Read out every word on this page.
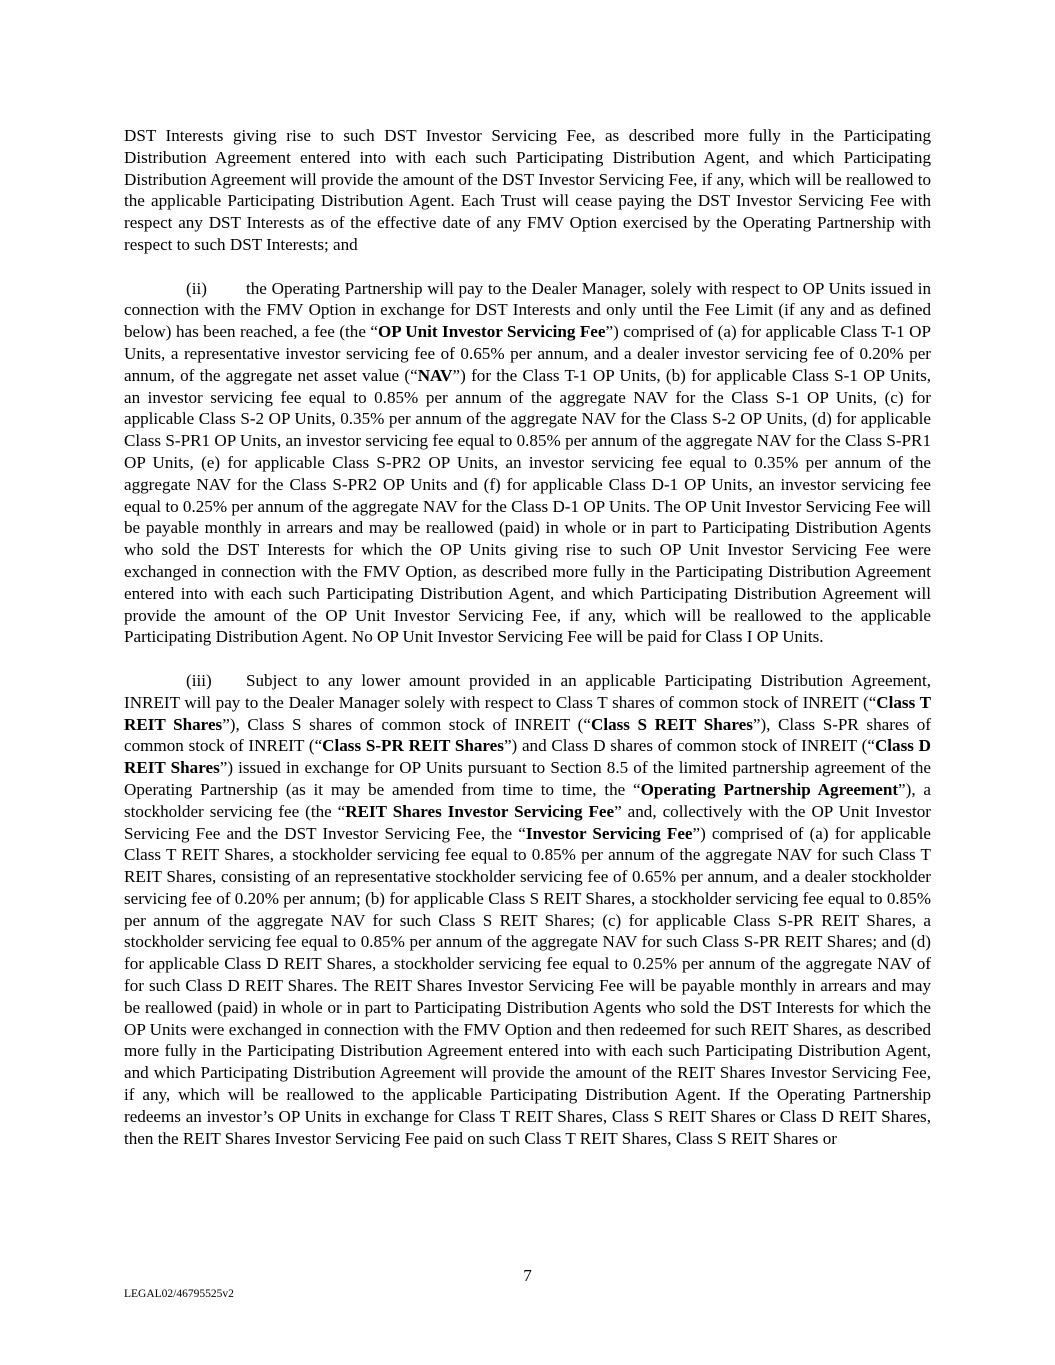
DST Interests giving rise to such DST Investor Servicing Fee, as described more fully in the Participating Distribution Agreement entered into with each such Participating Distribution Agent, and which Participating Distribution Agreement will provide the amount of the DST Investor Servicing Fee, if any, which will be reallowed to the applicable Participating Distribution Agent. Each Trust will cease paying the DST Investor Servicing Fee with respect any DST Interests as of the effective date of any FMV Option exercised by the Operating Partnership with respect to such DST Interests; and

(ii) the Operating Partnership will pay to the Dealer Manager, solely with respect to OP Units issued in connection with the FMV Option in exchange for DST Interests and only until the Fee Limit (if any and as defined below) has been reached, a fee (the “OP Unit Investor Servicing Fee”) comprised of (a) for applicable Class T-1 OP Units, a representative investor servicing fee of 0.65% per annum, and a dealer investor servicing fee of 0.20% per annum, of the aggregate net asset value (“NAV”) for the Class T-1 OP Units, (b) for applicable Class S-1 OP Units, an investor servicing fee equal to 0.85% per annum of the aggregate NAV for the Class S-1 OP Units, (c) for applicable Class S-2 OP Units, 0.35% per annum of the aggregate NAV for the Class S-2 OP Units, (d) for applicable Class S-PR1 OP Units, an investor servicing fee equal to 0.85% per annum of the aggregate NAV for the Class S-PR1 OP Units, (e) for applicable Class S-PR2 OP Units, an investor servicing fee equal to 0.35% per annum of the aggregate NAV for the Class S-PR2 OP Units and (f) for applicable Class D-1 OP Units, an investor servicing fee equal to 0.25% per annum of the aggregate NAV for the Class D-1 OP Units. The OP Unit Investor Servicing Fee will be payable monthly in arrears and may be reallowed (paid) in whole or in part to Participating Distribution Agents who sold the DST Interests for which the OP Units giving rise to such OP Unit Investor Servicing Fee were exchanged in connection with the FMV Option, as described more fully in the Participating Distribution Agreement entered into with each such Participating Distribution Agent, and which Participating Distribution Agreement will provide the amount of the OP Unit Investor Servicing Fee, if any, which will be reallowed to the applicable Participating Distribution Agent. No OP Unit Investor Servicing Fee will be paid for Class I OP Units.

(iii) Subject to any lower amount provided in an applicable Participating Distribution Agreement, INREIT will pay to the Dealer Manager solely with respect to Class T shares of common stock of INREIT (“Class T REIT Shares”), Class S shares of common stock of INREIT (“Class S REIT Shares”), Class S-PR shares of common stock of INREIT (“Class S-PR REIT Shares”) and Class D shares of common stock of INREIT (“Class D REIT Shares”) issued in exchange for OP Units pursuant to Section 8.5 of the limited partnership agreement of the Operating Partnership (as it may be amended from time to time, the “Operating Partnership Agreement”), a stockholder servicing fee (the “REIT Shares Investor Servicing Fee” and, collectively with the OP Unit Investor Servicing Fee and the DST Investor Servicing Fee, the “Investor Servicing Fee”) comprised of (a) for applicable Class T REIT Shares, a stockholder servicing fee equal to 0.85% per annum of the aggregate NAV for such Class T REIT Shares, consisting of an representative stockholder servicing fee of 0.65% per annum, and a dealer stockholder servicing fee of 0.20% per annum; (b) for applicable Class S REIT Shares, a stockholder servicing fee equal to 0.85% per annum of the aggregate NAV for such Class S REIT Shares; (c) for applicable Class S-PR REIT Shares, a stockholder servicing fee equal to 0.85% per annum of the aggregate NAV for such Class S-PR REIT Shares; and (d) for applicable Class D REIT Shares, a stockholder servicing fee equal to 0.25% per annum of the aggregate NAV of for such Class D REIT Shares. The REIT Shares Investor Servicing Fee will be payable monthly in arrears and may be reallowed (paid) in whole or in part to Participating Distribution Agents who sold the DST Interests for which the OP Units were exchanged in connection with the FMV Option and then redeemed for such REIT Shares, as described more fully in the Participating Distribution Agreement entered into with each such Participating Distribution Agent, and which Participating Distribution Agreement will provide the amount of the REIT Shares Investor Servicing Fee, if any, which will be reallowed to the applicable Participating Distribution Agent. If the Operating Partnership redeems an investor’s OP Units in exchange for Class T REIT Shares, Class S REIT Shares or Class D REIT Shares, then the REIT Shares Investor Servicing Fee paid on such Class T REIT Shares, Class S REIT Shares or

7
LEGAL02/46795525v2
